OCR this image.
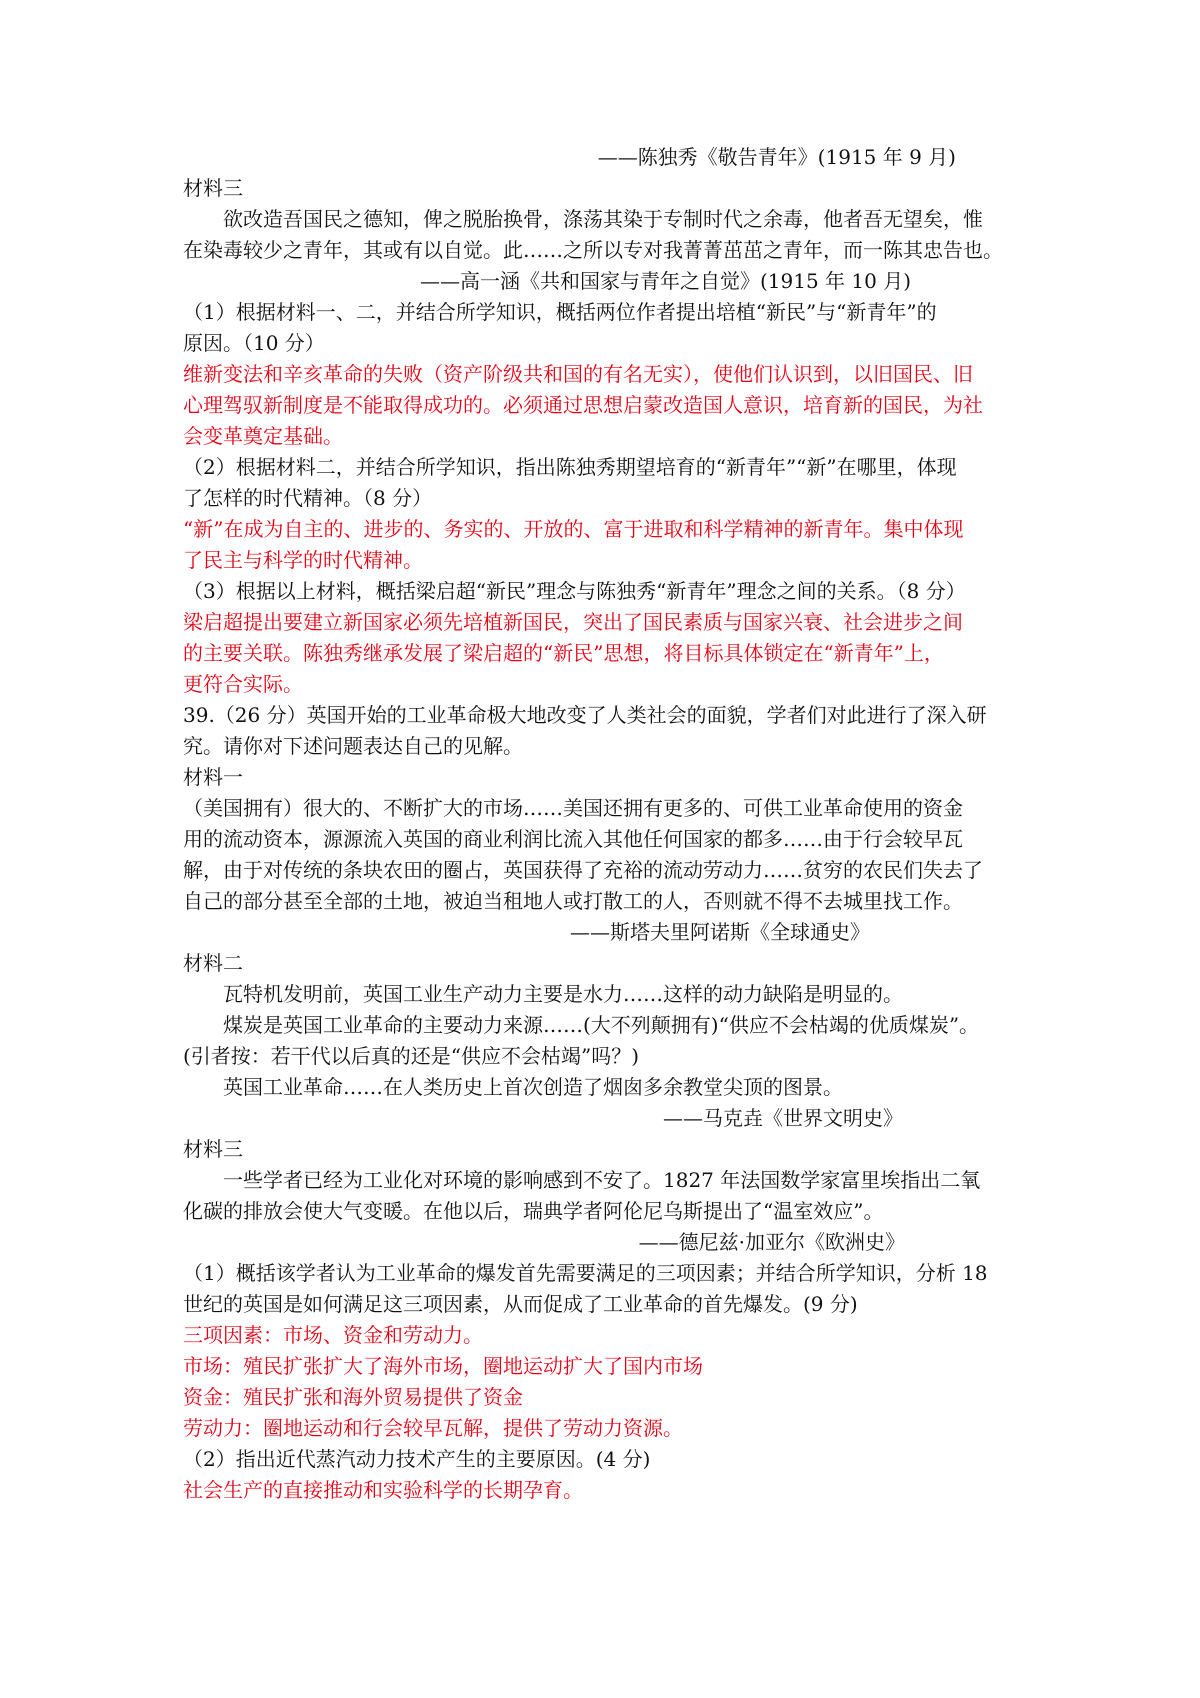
——陈独秀《敬告青年》(1915 年 9 月)
材料三
欲改造吾国民之德知，俾之脱胎换骨，涤荡其染于专制时代之余毒，他者吾无望矣，惟
在染毒较少之青年，其或有以自觉。此……之所以专对我菁菁茁茁之青年，而一陈其忠告也。
——高一涵《共和国家与青年之自觉》(1915 年 10 月)
（1）根据材料一、二，并结合所学知识，概括两位作者提出培植“新民”与“新青年”的
原因。（10 分）
维新变法和辛亥革命的失败（资产阶级共和国的有名无实），使他们认识到，以旧国民、旧
心理驾驭新制度是不能取得成功的。必须通过思想启蒙改造国人意识，培育新的国民，为社
会变革奠定基础。
（2）根据材料二，并结合所学知识，指出陈独秀期望培育的“新青年”“新”在哪里，体现
了怎样的时代精神。（8 分）
“新”在成为自主的、进步的、务实的、开放的、富于进取和科学精神的新青年。集中体现
了民主与科学的时代精神。
（3）根据以上材料，概括梁启超“新民”理念与陈独秀“新青年”理念之间的关系。（8 分）
梁启超提出要建立新国家必须先培植新国民，突出了国民素质与国家兴衰、社会进步之间
的主要关联。陈独秀继承发展了梁启超的“新民”思想，将目标具体锁定在“新青年”上，
更符合实际。
39.（26 分）英国开始的工业革命极大地改变了人类社会的面貌，学者们对此进行了深入研
究。请你对下述问题表达自己的见解。
材料一
（美国拥有）很大的、不断扩大的市场……美国还拥有更多的、可供工业革命使用的资金
用的流动资本，源源流入英国的商业利润比流入其他任何国家的都多……由于行会较早瓦
解，由于对传统的条块农田的圈占，英国获得了充裕的流动劳动力……贫穷的农民们失去了
自己的部分甚至全部的土地，被迫当租地人或打散工的人，否则就不得不去城里找工作。
——斯塔夫里阿诺斯《全球通史》
材料二
瓦特机发明前，英国工业生产动力主要是水力……这样的动力缺陷是明显的。
煤炭是英国工业革命的主要动力来源……(大不列颠拥有)“供应不会枯竭的优质煤炭”。
(引者按：若干代以后真的还是“供应不会枯竭”吗？)
英国工业革命……在人类历史上首次创造了烟囱多余教堂尖顶的图景。
——马克垚《世界文明史》
材料三
一些学者已经为工业化对环境的影响感到不安了。1827 年法国数学家富里埃指出二氧
化碳的排放会使大气变暖。在他以后，瑞典学者阿伦尼乌斯提出了“温室效应”。
——德尼兹·加亚尔《欧洲史》
（1）概括该学者认为工业革命的爆发首先需要满足的三项因素；并结合所学知识，分析 18
世纪的英国是如何满足这三项因素，从而促成了工业革命的首先爆发。(9 分)
三项因素：市场、资金和劳动力。
市场：殖民扩张扩大了海外市场，圈地运动扩大了国内市场
资金：殖民扩张和海外贸易提供了资金
劳动力：圈地运动和行会较早瓦解，提供了劳动力资源。
（2）指出近代蒸汽动力技术产生的主要原因。(4 分)
社会生产的直接推动和实验科学的长期孕育。
